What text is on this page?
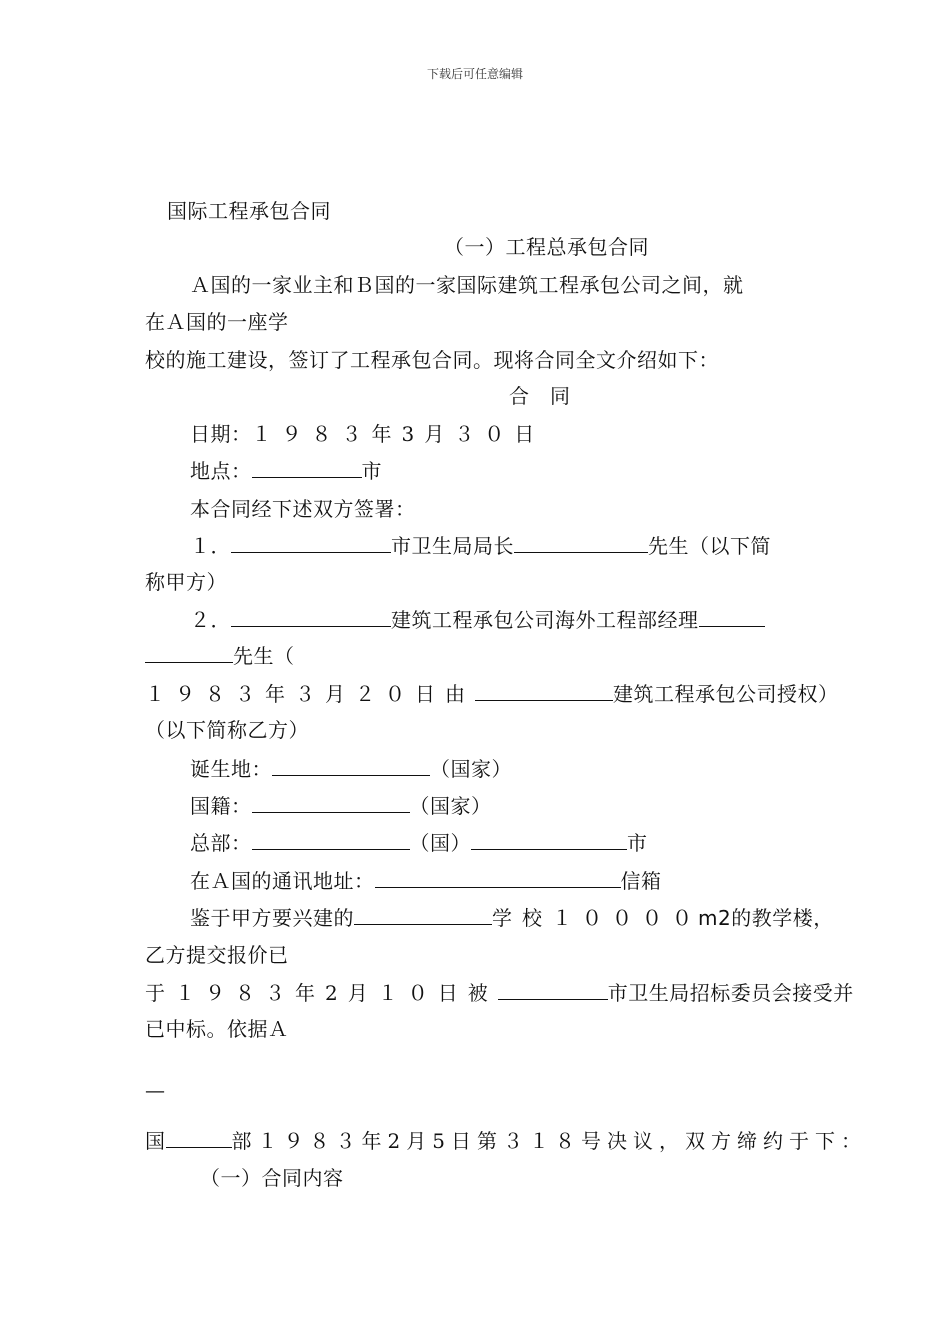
下载后可任意编辑
国际工程承包合同
（一）工程总承包合同
Ａ国的一家业主和Ｂ国的一家国际建筑工程承包公司之间，就
在Ａ国的一座学
校的施工建设，签订了工程承包合同。现将合同全文介绍如下：
合　同
日期：１９８３年3月３０日
地点：	市
本合同经下述双方签署：
１．	市卫生局局长	先生（以下简
称甲方）
２．	建筑工程承包公司海外工程部经理
先生（
１９８３年３月２０日由	建筑工程承包公司授权）
（以下简称乙方）
诞生地：	（国家）
国籍：	（国家）
总部：	（国）	市
在Ａ国的通讯地址：	信箱
鉴于甲方要兴建的	学校１００００m2的教学楼，
乙方提交报价已
于１９８３年2月１０日被	市卫生局招标委员会接受并
已中标。依据Ａ
—
国	部１９８３年2月5日第３１８号决议，双方缔约于下：
（一）合同内容
